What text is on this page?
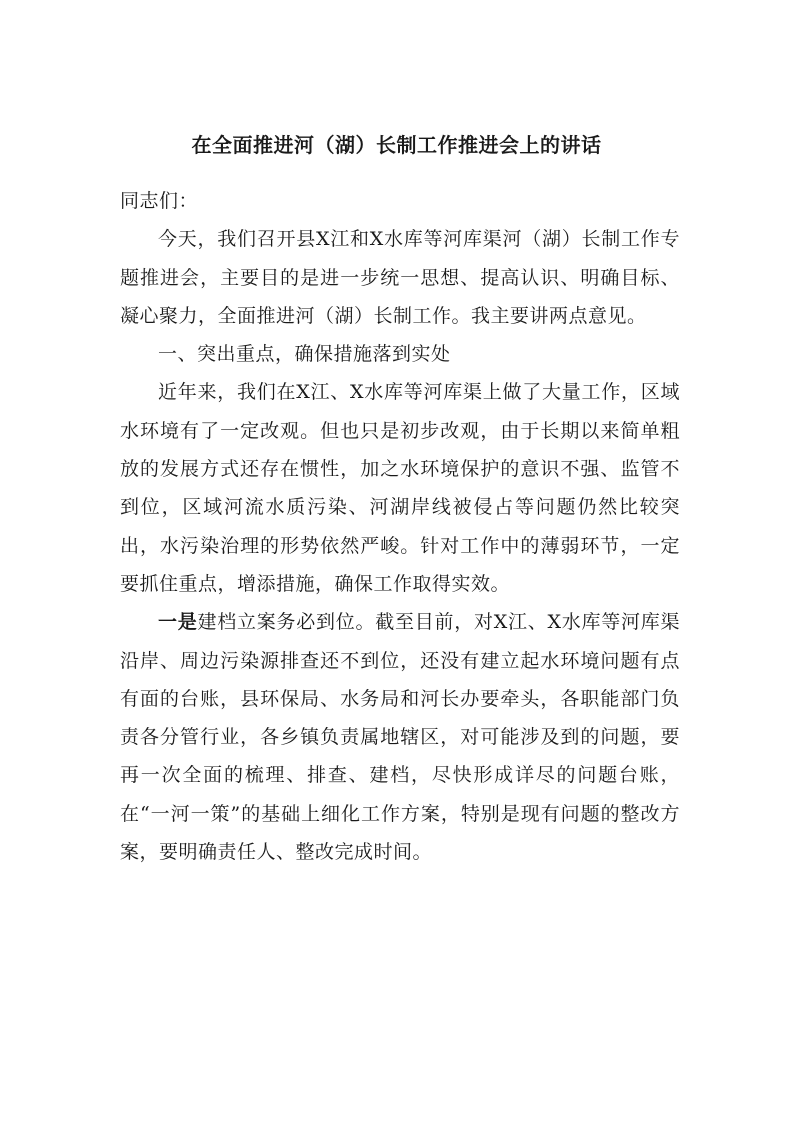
在全面推进河（湖）长制工作推进会上的讲话

同志们：

今天，我们召开县X江和X水库等河库渠河（湖）长制工作专题推进会，主要目的是进一步统一思想、提高认识、明确目标、凝心聚力，全面推进河（湖）长制工作。我主要讲两点意见。

一、突出重点，确保措施落到实处

近年来，我们在X江、X水库等河库渠上做了大量工作，区域水环境有了一定改观。但也只是初步改观，由于长期以来简单粗放的发展方式还存在惯性，加之水环境保护的意识不强、监管不到位，区域河流水质污染、河湖岸线被侵占等问题仍然比较突出，水污染治理的形势依然严峻。针对工作中的薄弱环节，一定要抓住重点，增添措施，确保工作取得实效。

一是建档立案务必到位。截至目前，对X江、X水库等河库渠沿岸、周边污染源排查还不到位，还没有建立起水环境问题有点有面的台账，县环保局、水务局和河长办要牵头，各职能部门负责各分管行业，各乡镇负责属地辖区，对可能涉及到的问题，要再一次全面的梳理、排查、建档，尽快形成详尽的问题台账，在“一河一策”的基础上细化工作方案，特别是现有问题的整改方案，要明确责任人、整改完成时间。
